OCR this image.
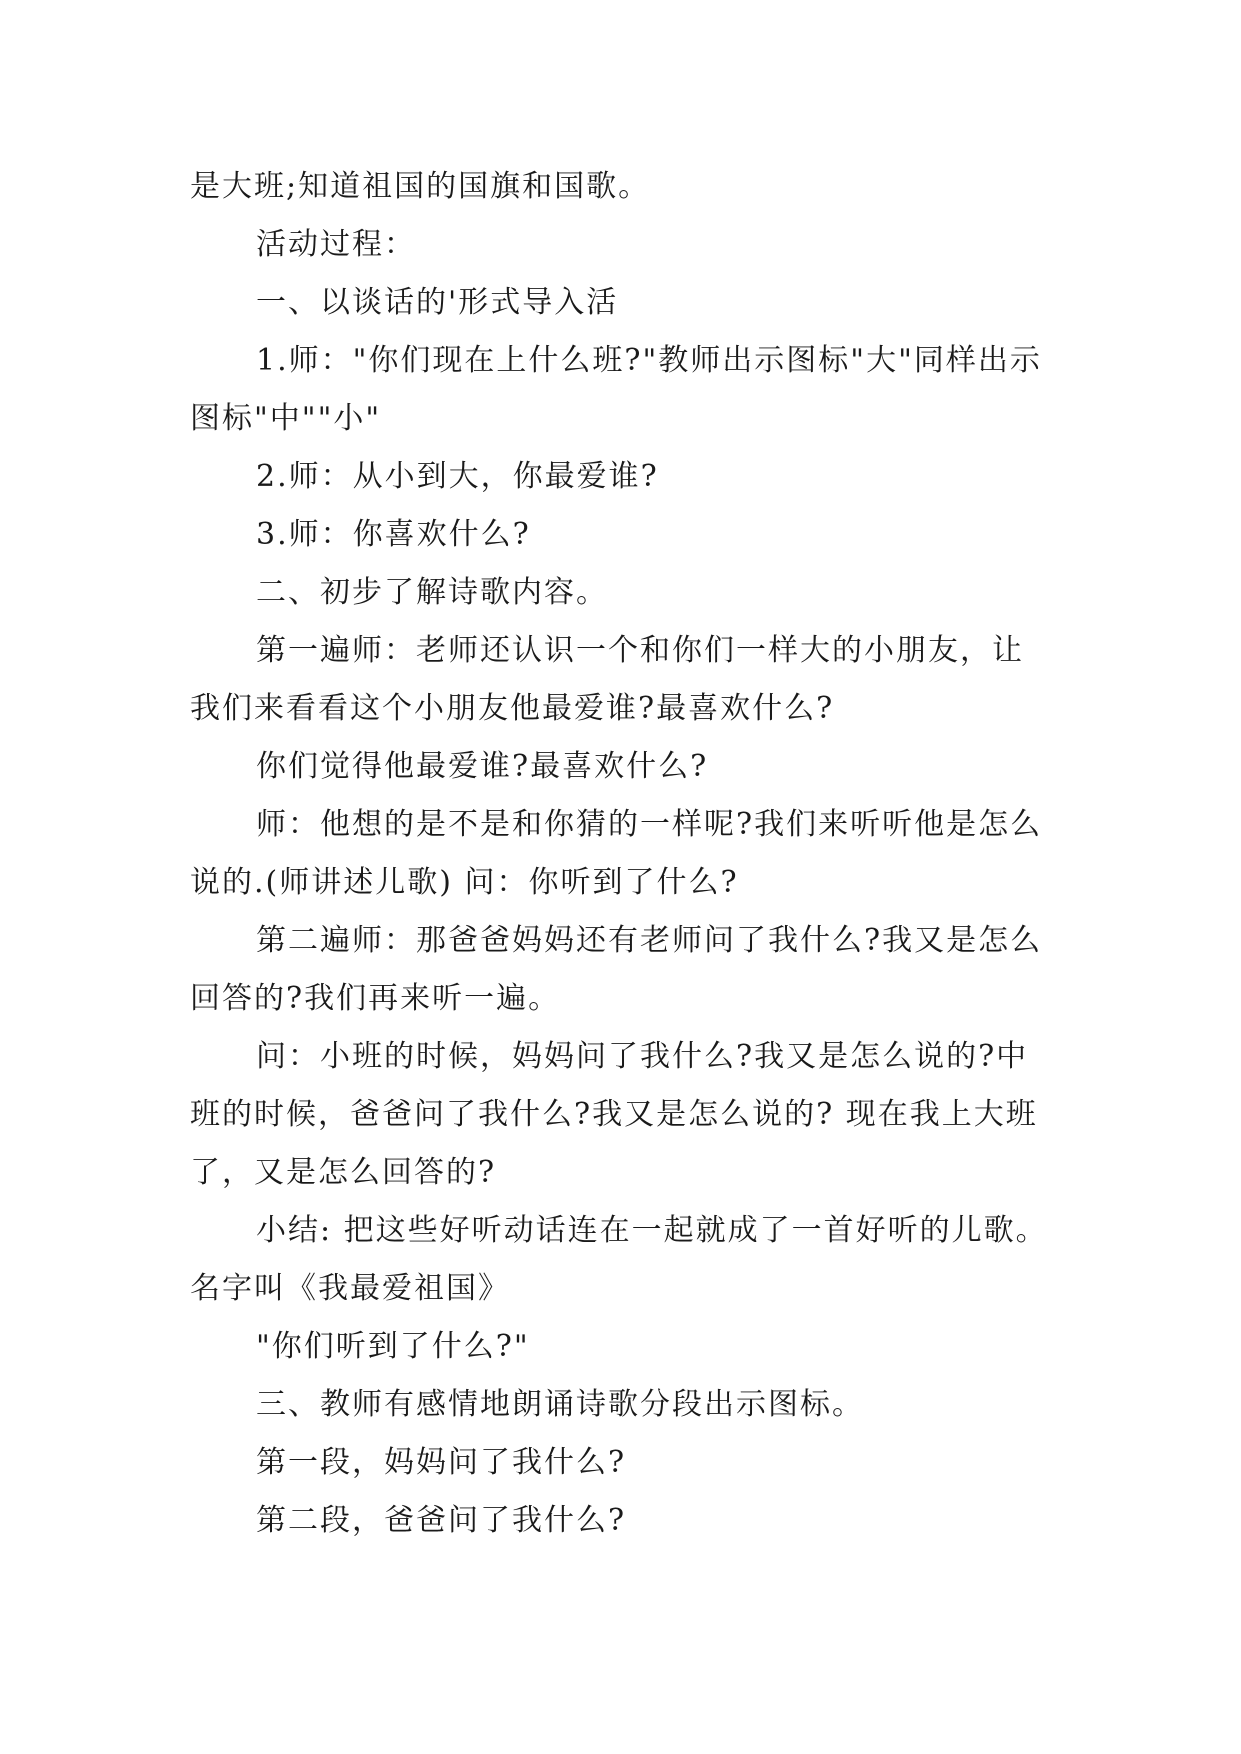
是大班;知道祖国的国旗和国歌。

活动过程：

一、以谈话的'形式导入活

1.师："你们现在上什么班?"教师出示图标"大"同样出示图标"中""小"

2.师：从小到大，你最爱谁?

3.师：你喜欢什么?

二、初步了解诗歌内容。

第一遍师：老师还认识一个和你们一样大的小朋友，让我们来看看这个小朋友他最爱谁?最喜欢什么?

你们觉得他最爱谁?最喜欢什么?

师：他想的是不是和你猜的一样呢?我们来听听他是怎么说的.(师讲述儿歌) 问：你听到了什么?

第二遍师：那爸爸妈妈还有老师问了我什么?我又是怎么回答的?我们再来听一遍。

问：小班的时候，妈妈问了我什么?我又是怎么说的?中班的时候，爸爸问了我什么?我又是怎么说的? 现在我上大班了，又是怎么回答的?

小结: 把这些好听动话连在一起就成了一首好听的儿歌。名字叫《我最爱祖国》

"你们听到了什么?"

三、教师有感情地朗诵诗歌分段出示图标。

第一段，妈妈问了我什么?

第二段，爸爸问了我什么?
